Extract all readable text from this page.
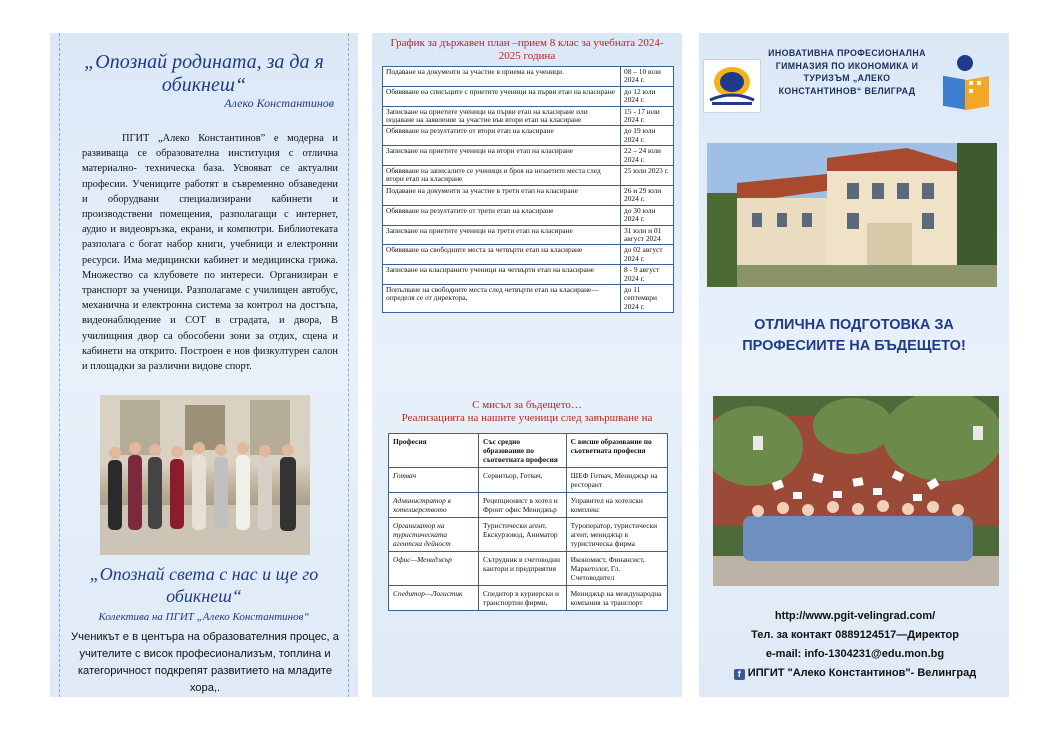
„Опознай родината, за да я обикнеш“
Алеко Константинов

ПГИТ „Алеко Константинов” е модерна и развиваща се образователна институция с отлична материално- техническа база. Усвояват се актуални професии. Учениците работят в съвременно обзаведени и оборудвани специализирани кабинети и производствени помещения, разполагащи с интернет, аудио и видеовръзка, екрани, и компютри. Библиотеката разполага с богат набор книги, учебници и електронни ресурси. Има медицински кабинет и медицинска грижа. Множество са клубовете по интереси. Организиран е транспорт за ученици. Разполагаме с училищен автобус, механична и електронна система за контрол на достъпа, видеонаблюдение и СОТ в сградата, и двора, В училищния двор са обособени зони за отдих, сцена и кабинети на открито. Построен е нов физкултурен салон и площадки за различни видове спорт.

„Опознай света с нас и ще го обикнеш“
Колектива на ПГИТ „Алеко Константинов“

Ученикът е в центъра на образователния процес, а учителите с висок професионализъм, топлина и категоричност подкрепят развитието на младите хора,.

График за държавен план –прием 8 клас за учебната 2024-2025 година
Подаване на документи за участие в приема на ученици.	08 – 10 юли 2024 г.
Обявяване на списъците с приетите ученици на първи етап на класиране	до 12 юли 2024 г.
Записване на приетите ученици на първи етап на класиране или подаване на заявление за участие във втори етап на класиране	15 - 17 юли 2024 г.
Обявяване на резултатите от втори етап на класиране	до 19 юли 2024 г.
Записване на приетите ученици на втори етап на класиране	22 – 24 юли 2024 г.
Обявяване на записалите се ученици и броя на незаетите места след втори етап на класиране	25 юли 2023 г.
Подаване на документи за участие в трети етап на класиране	26 и 29 юли 2024 г.
Обявяване на резултатите от трети етап на класиране	до 30 юли 2024 г.
Записване на приетите ученици на трети етап на класиране	31 юли и 01 август 2024
Обявяване на свободните места за четвърти етап на класиране	до 02 август 2024 г.
Записване на класираните ученици на четвърти етап на класиране	8 - 9 август 2024 г.
Попълване на свободните места след четвърти етап на класиране— определя се от директора,	до 11 септември 2024 г.
С мисъл за бъдещето…
Реализацията на нашите ученици след завършване на
Професия	Със средно образование по съответната професия	С висше образование по съответната професия
Готвач	Сервитьор, Готвач,	ШЕФ Готвач, Мениджър на ресторант
Администратор в хотелиерството	Рецепционист в хотел и Фронт офис Мениджър	Управител на хотелски комплекс
Организатор на туристическата агентска дейност	Туристически агент, Екскурзовод, Аниматор	Туроператор, туристически агент, мениджър в туристическа фирма
Офис—Мениджър	Сътрудник в счетоводни кантори и предприятия	Икономист, Финансист, Маркетолог, Гл. Счетоводител
Спедитор—Логистик	Спедитор в куриерски и транспортни фирми,	Мениджър на международна компания за транспорт
ИНОВАТИВНА ПРОФЕСИОНАЛНА ГИМНАЗИЯ ПО ИКОНОМИКА И ТУРИЗЪМ „АЛЕКО КОНСТАНТИНОВ“ ВЕЛИГРАД
ОТЛИЧНА ПОДГОТОВКА ЗА ПРОФЕСИИТЕ НА БЪДЕЩЕТО!
http://www.pgit-velingrad.com/
Тел. за контакт 0889124517—Директор
e-mail: info-1304231@edu.mon.bg
f ИПГИТ "Алеко Константинов"- Велинград
